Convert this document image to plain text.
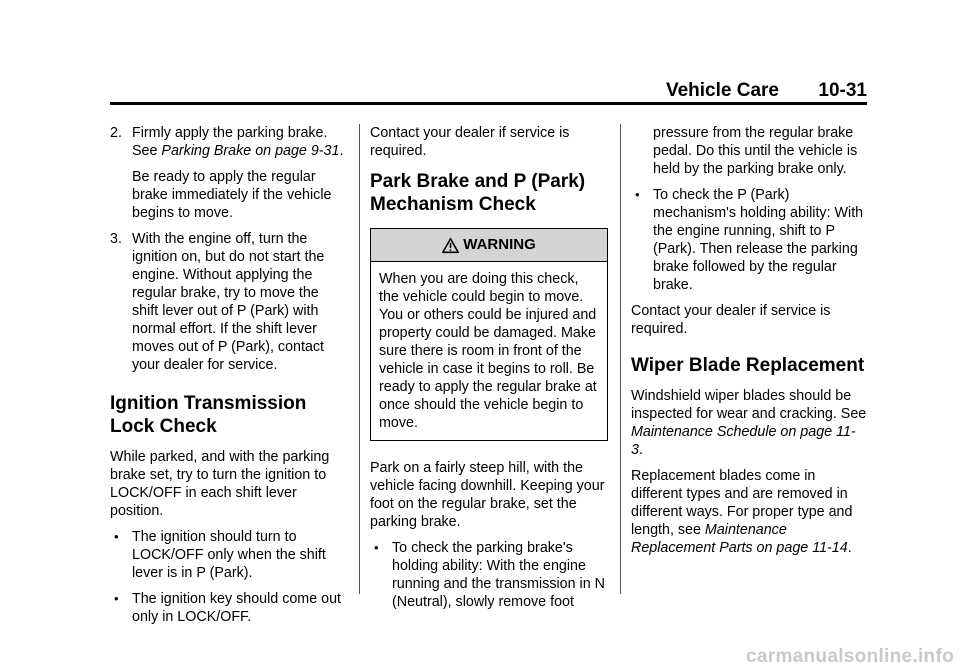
Vehicle Care 10-31
2. Firmly apply the parking brake. See Parking Brake on page 9-31.

Be ready to apply the regular brake immediately if the vehicle begins to move.

3. With the engine off, turn the ignition on, but do not start the engine. Without applying the regular brake, try to move the shift lever out of P (Park) with normal effort. If the shift lever moves out of P (Park), contact your dealer for service.

Ignition Transmission Lock Check

While parked, and with the parking brake set, try to turn the ignition to LOCK/OFF in each shift lever position.

• The ignition should turn to LOCK/OFF only when the shift lever is in P (Park).
• The ignition key should come out only in LOCK/OFF.

Contact your dealer if service is required.

Park Brake and P (Park) Mechanism Check
WARNING

When you are doing this check, the vehicle could begin to move. You or others could be injured and property could be damaged. Make sure there is room in front of the vehicle in case it begins to roll. Be ready to apply the regular brake at once should the vehicle begin to move.

Park on a fairly steep hill, with the vehicle facing downhill. Keeping your foot on the regular brake, set the parking brake.

• To check the parking brake's holding ability: With the engine running and the transmission in N (Neutral), slowly remove foot
pressure from the regular brake pedal. Do this until the vehicle is held by the parking brake only.
• To check the P (Park) mechanism's holding ability: With the engine running, shift to P (Park). Then release the parking brake followed by the regular brake.

Contact your dealer if service is required.

Wiper Blade Replacement

Windshield wiper blades should be inspected for wear and cracking. See Maintenance Schedule on page 11-3.

Replacement blades come in different types and are removed in different ways. For proper type and length, see Maintenance Replacement Parts on page 11-14.

carmanualsonline.info
